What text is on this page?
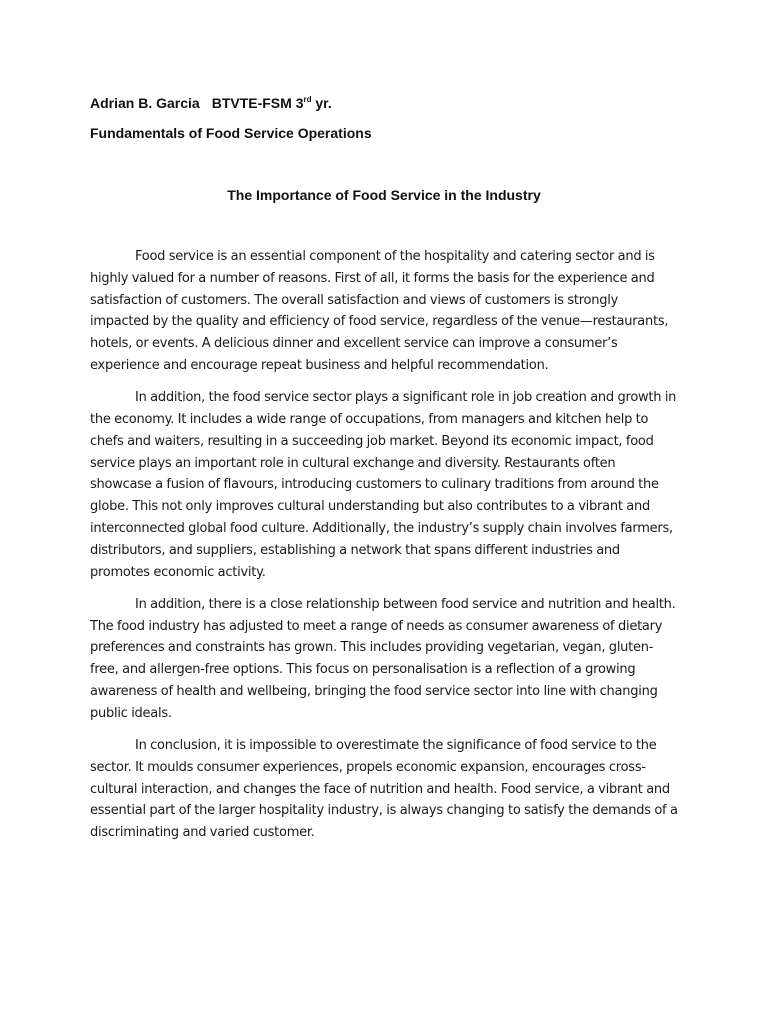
Adrian B. Garcia BTVTE-FSM 3rd yr.
Fundamentals of Food Service Operations
The Importance of Food Service in the Industry

Food service is an essential component of the hospitality and catering sector and is highly valued for a number of reasons. First of all, it forms the basis for the experience and satisfaction of customers. The overall satisfaction and views of customers is strongly impacted by the quality and efficiency of food service, regardless of the venue—restaurants, hotels, or events. A delicious dinner and excellent service can improve a consumer’s experience and encourage repeat business and helpful recommendation.

In addition, the food service sector plays a significant role in job creation and growth in the economy. It includes a wide range of occupations, from managers and kitchen help to chefs and waiters, resulting in a succeeding job market. Beyond its economic impact, food service plays an important role in cultural exchange and diversity. Restaurants often showcase a fusion of flavours, introducing customers to culinary traditions from around the globe. This not only improves cultural understanding but also contributes to a vibrant and interconnected global food culture. Additionally, the industry’s supply chain involves farmers, distributors, and suppliers, establishing a network that spans different industries and promotes economic activity.

In addition, there is a close relationship between food service and nutrition and health. The food industry has adjusted to meet a range of needs as consumer awareness of dietary preferences and constraints has grown. This includes providing vegetarian, vegan, gluten-free, and allergen-free options. This focus on personalisation is a reflection of a growing awareness of health and wellbeing, bringing the food service sector into line with changing public ideals.

In conclusion, it is impossible to overestimate the significance of food service to the sector. It moulds consumer experiences, propels economic expansion, encourages cross-cultural interaction, and changes the face of nutrition and health. Food service, a vibrant and essential part of the larger hospitality industry, is always changing to satisfy the demands of a discriminating and varied customer.
